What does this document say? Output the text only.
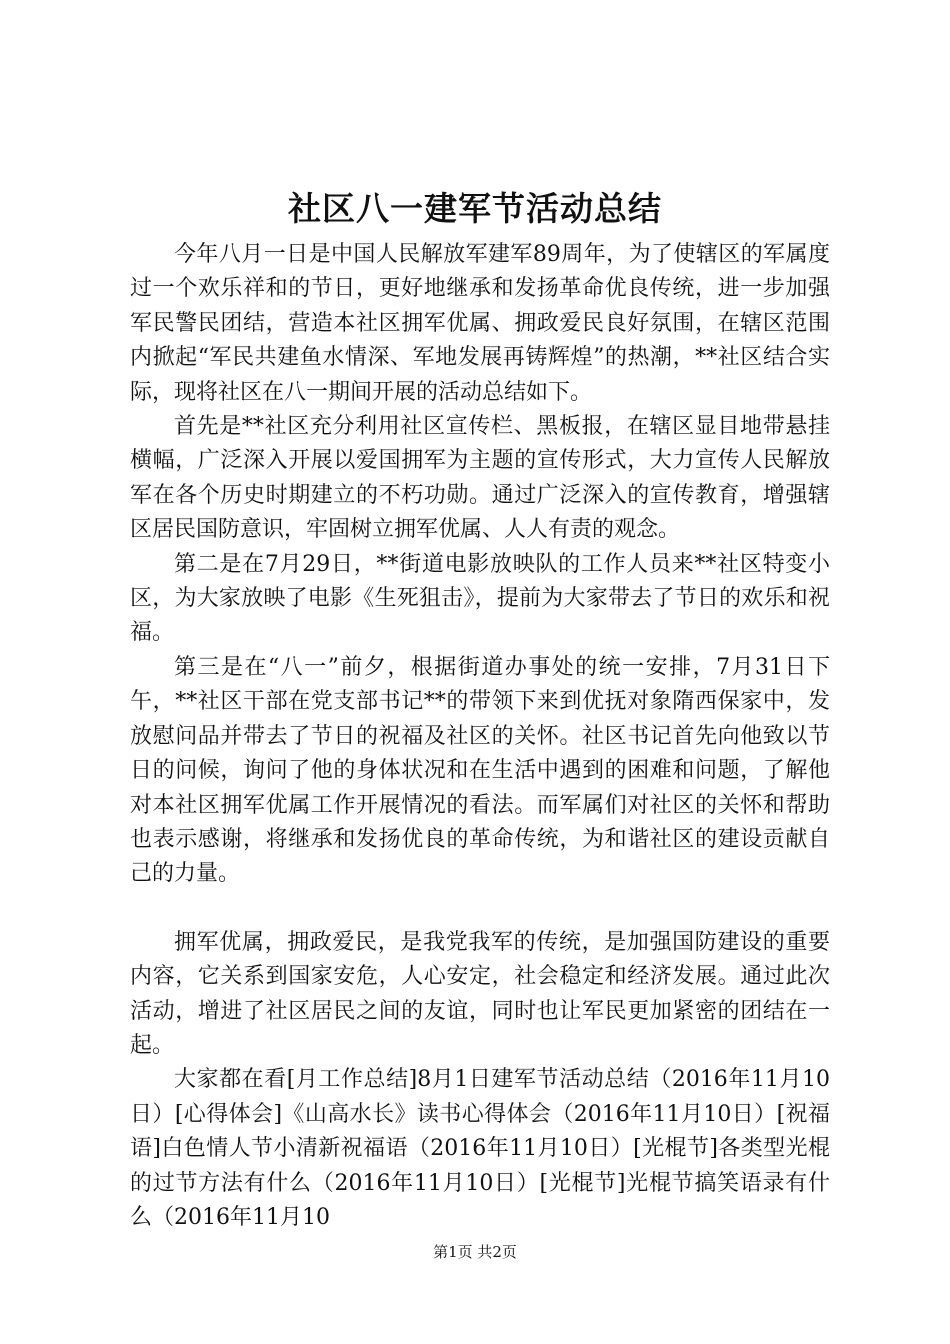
社区八一建军节活动总结

今年八月一日是中国人民解放军建军89周年，为了使辖区的军属度过一个欢乐祥和的节日，更好地继承和发扬革命优良传统，进一步加强军民警民团结，营造本社区拥军优属、拥政爱民良好氛围，在辖区范围内掀起“军民共建鱼水情深、军地发展再铸辉煌”的热潮，**社区结合实际，现将社区在八一期间开展的活动总结如下。

首先是**社区充分利用社区宣传栏、黑板报，在辖区显目地带悬挂横幅，广泛深入开展以爱国拥军为主题的宣传形式，大力宣传人民解放军在各个历史时期建立的不朽功勋。通过广泛深入的宣传教育，增强辖区居民国防意识，牢固树立拥军优属、人人有责的观念。

第二是在7月29日，**街道电影放映队的工作人员来**社区特变小区，为大家放映了电影《生死狙击》，提前为大家带去了节日的欢乐和祝福。

第三是在“八一”前夕，根据街道办事处的统一安排，7月31日下午，**社区干部在党支部书记**的带领下来到优抚对象隋西保家中，发放慰问品并带去了节日的祝福及社区的关怀。社区书记首先向他致以节日的问候，询问了他的身体状况和在生活中遇到的困难和问题，了解他对本社区拥军优属工作开展情况的看法。而军属们对社区的关怀和帮助也表示感谢，将继承和发扬优良的革命传统，为和谐社区的建设贡献自己的力量。

拥军优属，拥政爱民，是我党我军的传统，是加强国防建设的重要内容，它关系到国家安危，人心安定，社会稳定和经济发展。通过此次活动，增进了社区居民之间的友谊，同时也让军民更加紧密的团结在一起。

大家都在看[月工作总结]8月1日建军节活动总结（2016年11月10日）[心得体会]《山高水长》读书心得体会（2016年11月10日）[祝福语]白色情人节小清新祝福语（2016年11月10日）[光棍节]各类型光棍的过节方法有什么（2016年11月10日）[光棍节]光棍节搞笑语录有什么（2016年11月10

第1页 共2页
